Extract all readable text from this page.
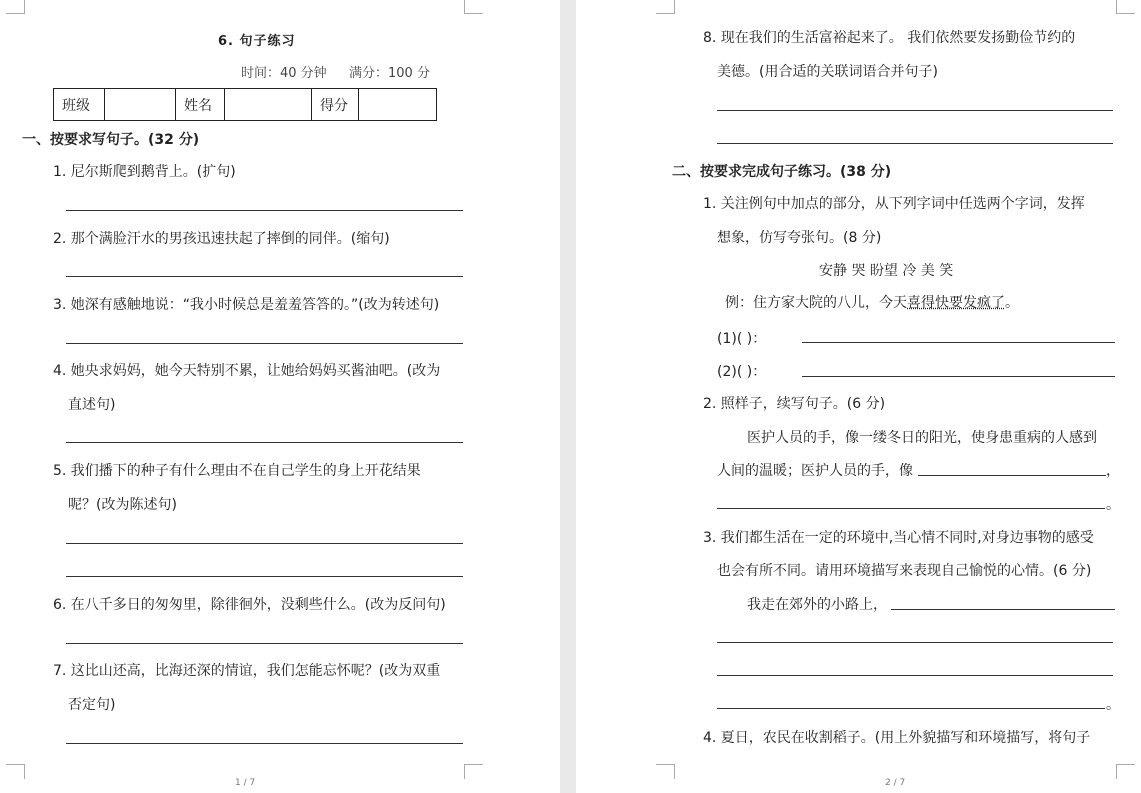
6. 句子练习
时间：40 分钟 满分：100 分
班级		姓名		得分	
一、按要求写句子。(32 分)
1. 尼尔斯爬到鹅背上。(扩句)
2. 那个满脸汗水的男孩迅速扶起了摔倒的同伴。(缩句)
3. 她深有感触地说：“我小时候总是羞羞答答的。”(改为转述句)
4. 她央求妈妈，她今天特别不累，让她给妈妈买酱油吧。(改为
直述句)
5. 我们播下的种子有什么理由不在自己学生的身上开花结果
呢？(改为陈述句)
6. 在八千多日的匆匆里，除徘徊外，没剩些什么。(改为反问句)
7. 这比山还高，比海还深的情谊，我们怎能忘怀呢？(改为双重
否定句)
1 / 7
8. 现在我们的生活富裕起来了。 我们依然要发扬勤俭节约的
美德。(用合适的关联词语合并句子)
二、按要求完成句子练习。(38 分)
1. 关注例句中加点的部分，从下列字词中任选两个字词，发挥
想象，仿写夸张句。(8 分)
安静 哭 盼望 冷 美 笑
例：住方家大院的八儿，今天喜得快要发疯了。
(1)( )：
(2)( )：
2. 照样子，续写句子。(6 分)
医护人员的手，像一缕冬日的阳光，使身患重病的人感到
人间的温暖；医护人员的手，像	，
。
3. 我们都生活在一定的环境中,当心情不同时,对身边事物的感受
也会有所不同。请用环境描写来表现自己愉悦的心情。(6 分)
我走在郊外的小路上，
。
4. 夏日，农民在收割稻子。(用上外貌描写和环境描写，将句子
2 / 7
